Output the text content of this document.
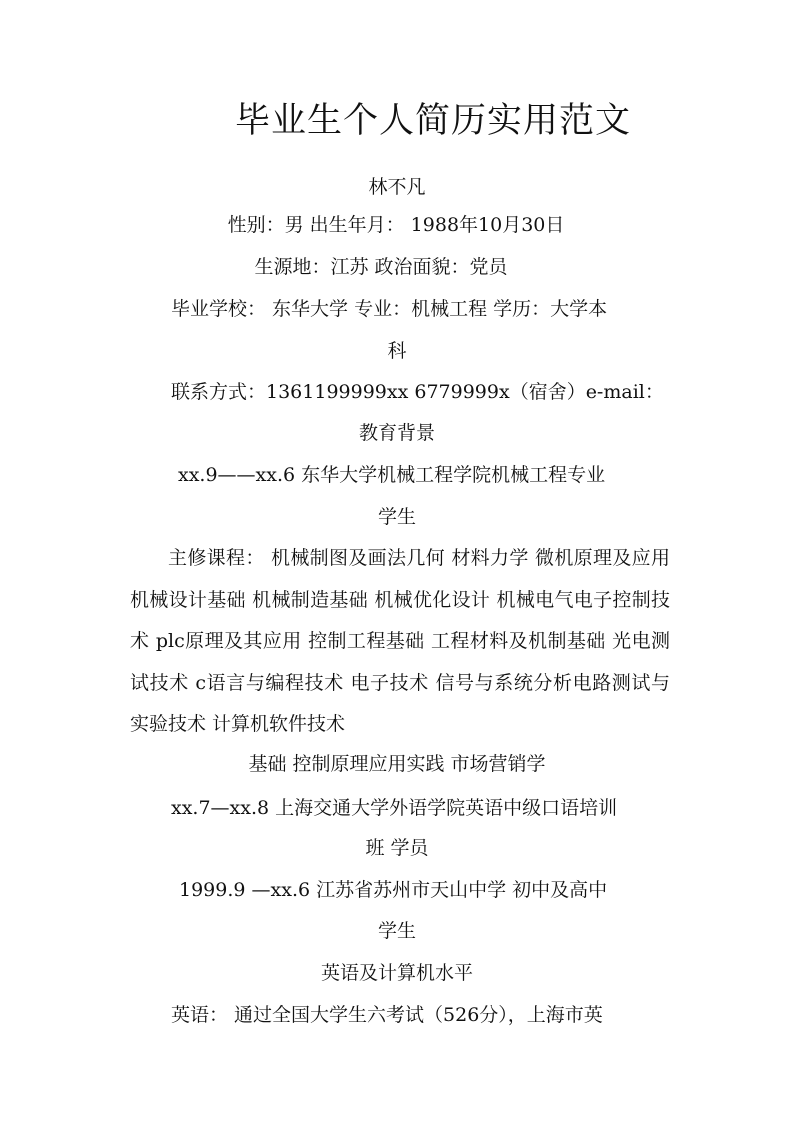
毕业生个人简历实用范文
林不凡
性别：男 出生年月： 1988年10月30日
生源地：江苏 政治面貌：党员
毕业学校： 东华大学 专业：机械工程 学历：大学本
科
联系方式：1361199999xx 6779999x（宿舍）e-mail：
教育背景
xx.9——xx.6 东华大学机械工程学院机械工程专业
学生
主修课程： 机械制图及画法几何 材料力学 微机原理及应用 机械设计基础 机械制造基础 机械优化设计 机械电气电子控制技术 plc原理及其应用 控制工程基础 工程材料及机制基础 光电测试技术 c语言与编程技术 电子技术 信号与系统分析电路测试与实验技术 计算机软件技术
基础 控制原理应用实践 市场营销学
xx.7—xx.8 上海交通大学外语学院英语中级口语培训
班 学员
1999.9 —xx.6 江苏省苏州市天山中学 初中及高中
学生
英语及计算机水平
英语： 通过全国大学生六考试（526分），上海市英
